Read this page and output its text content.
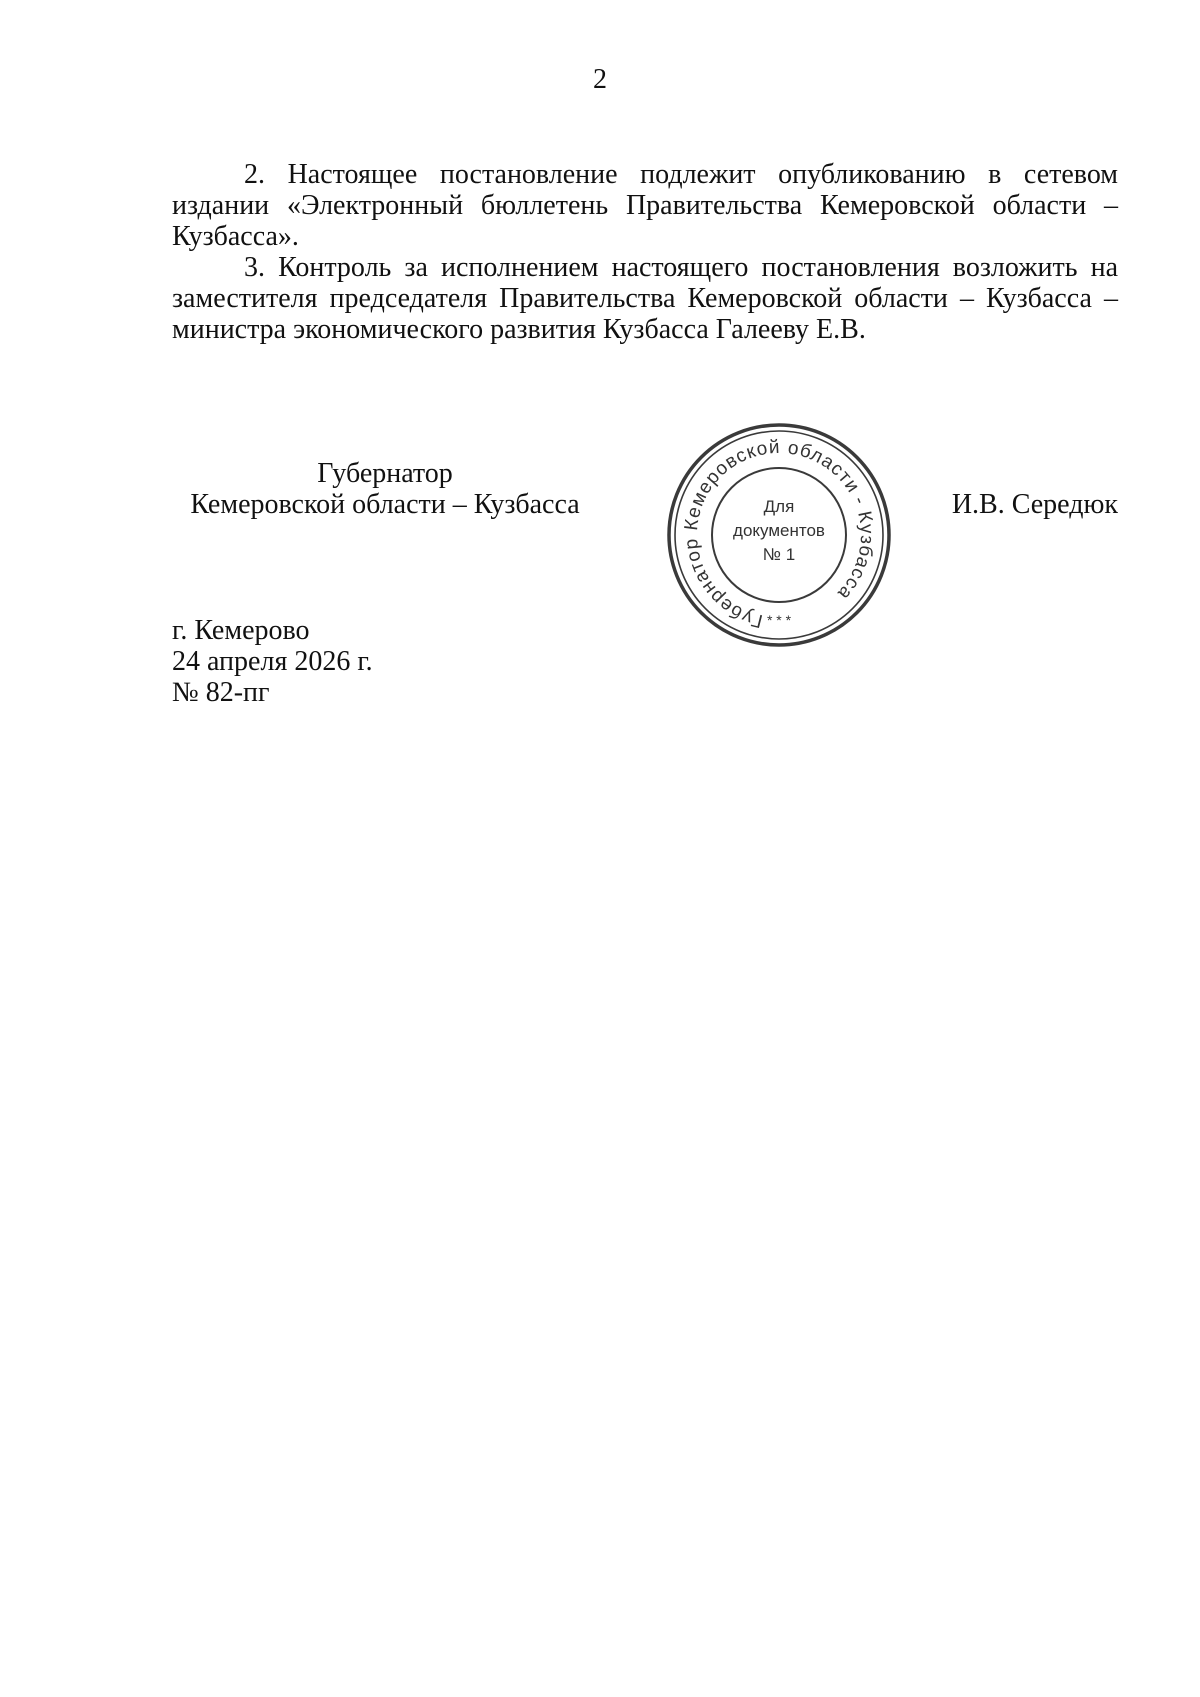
2

2. Настоящее постановление подлежит опубликованию в сетевом издании «Электронный бюллетень Правительства Кемеровской области – Кузбасса».

3. Контроль за исполнением настоящего постановления возложить на заместителя председателя Правительства Кемеровской области – Кузбасса – министра экономического развития Кузбасса Галееву Е.В.

Губернатор
Кемеровской области – Кузбасса
Губернатор Кемеровской области - Кузбасса
Для
документов
№ 1
* * *
И.В. Середюк
г. Кемерово
24 апреля 2026 г.
№ 82-пг
